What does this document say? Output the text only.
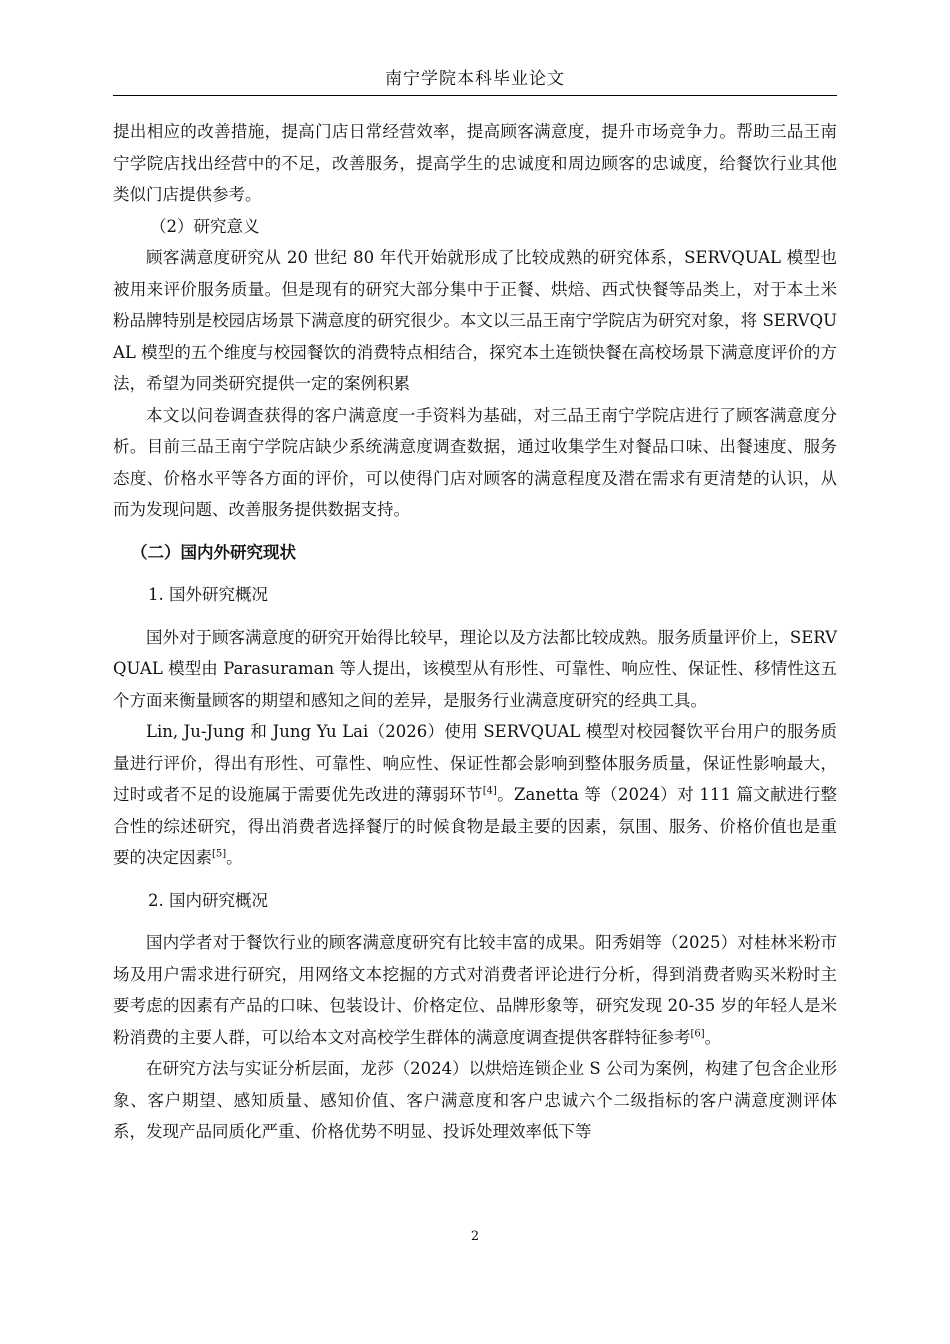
南宁学院本科毕业论文

提出相应的改善措施，提高门店日常经营效率，提高顾客满意度，提升市场竞争力。帮助三品王南宁学院店找出经营中的不足，改善服务，提高学生的忠诚度和周边顾客的忠诚度，给餐饮行业其他类似门店提供参考。

（2）研究意义

顾客满意度研究从 20 世纪 80 年代开始就形成了比较成熟的研究体系，SERVQUAL 模型也被用来评价服务质量。但是现有的研究大部分集中于正餐、烘焙、西式快餐等品类上，对于本土米粉品牌特别是校园店场景下满意度的研究很少。本文以三品王南宁学院店为研究对象，将 SERVQUAL 模型的五个维度与校园餐饮的消费特点相结合，探究本土连锁快餐在高校场景下满意度评价的方法，希望为同类研究提供一定的案例积累

本文以问卷调查获得的客户满意度一手资料为基础，对三品王南宁学院店进行了顾客满意度分析。目前三品王南宁学院店缺少系统满意度调查数据，通过收集学生对餐品口味、出餐速度、服务态度、价格水平等各方面的评价，可以使得门店对顾客的满意程度及潜在需求有更清楚的认识，从而为发现问题、改善服务提供数据支持。

（二）国内外研究现状

1. 国外研究概况

国外对于顾客满意度的研究开始得比较早，理论以及方法都比较成熟。服务质量评价上，SERVQUAL 模型由 Parasuraman 等人提出，该模型从有形性、可靠性、响应性、保证性、移情性这五个方面来衡量顾客的期望和感知之间的差异，是服务行业满意度研究的经典工具。

Lin, Ju-Jung 和 Jung Yu Lai（2026）使用 SERVQUAL 模型对校园餐饮平台用户的服务质量进行评价，得出有形性、可靠性、响应性、保证性都会影响到整体服务质量，保证性影响最大，过时或者不足的设施属于需要优先改进的薄弱环节[4]。Zanetta 等（2024）对 111 篇文献进行整合性的综述研究，得出消费者选择餐厅的时候食物是最主要的因素，氛围、服务、价格价值也是重要的决定因素[5]。

2. 国内研究概况

国内学者对于餐饮行业的顾客满意度研究有比较丰富的成果。阳秀娟等（2025）对桂林米粉市场及用户需求进行研究，用网络文本挖掘的方式对消费者评论进行分析，得到消费者购买米粉时主要考虑的因素有产品的口味、包装设计、价格定位、品牌形象等，研究发现 20-35 岁的年轻人是米粉消费的主要人群，可以给本文对高校学生群体的满意度调查提供客群特征参考[6]。

在研究方法与实证分析层面，龙莎（2024）以烘焙连锁企业 S 公司为案例，构建了包含企业形象、客户期望、感知质量、感知价值、客户满意度和客户忠诚六个二级指标的客户满意度测评体系，发现产品同质化严重、价格优势不明显、投诉处理效率低下等

2
